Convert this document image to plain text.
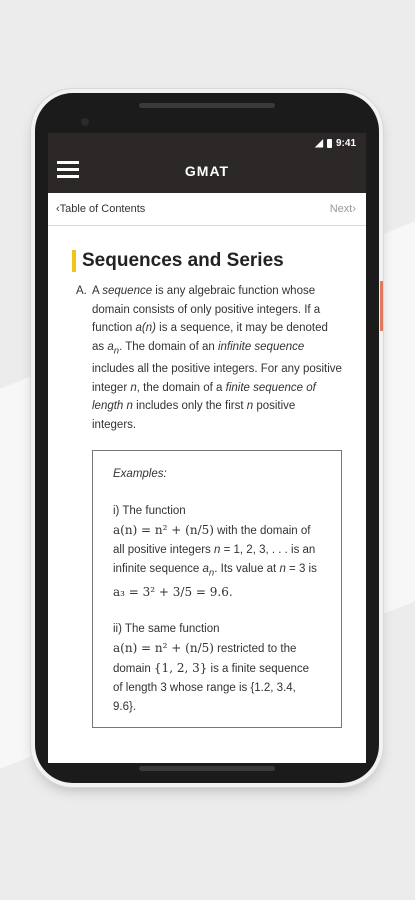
◢ 9:41
GMAT
‹Table of Contents	Next›
Sequences and Series
A. A sequence is any algebraic function whose domain consists of only positive integers. If a function a(n) is a sequence, it may be denoted as $a_n$. The domain of an infinite sequence includes all the positive integers. For any positive integer n, the domain of a finite sequence of length n includes only the first n positive integers.

Examples:

i) The function

a(n) = n² + (n/5) with the domain of all positive integers n = 1, 2, 3, . . . is an infinite sequence $a_n$. Its value at n = 3 is

a₃ = 3² + 3/5 = 9.6.

ii) The same function

a(n) = n² + (n/5) restricted to the domain {1, 2, 3} is a finite sequence of length 3 whose range is {1.2, 3.4, 9.6}.
